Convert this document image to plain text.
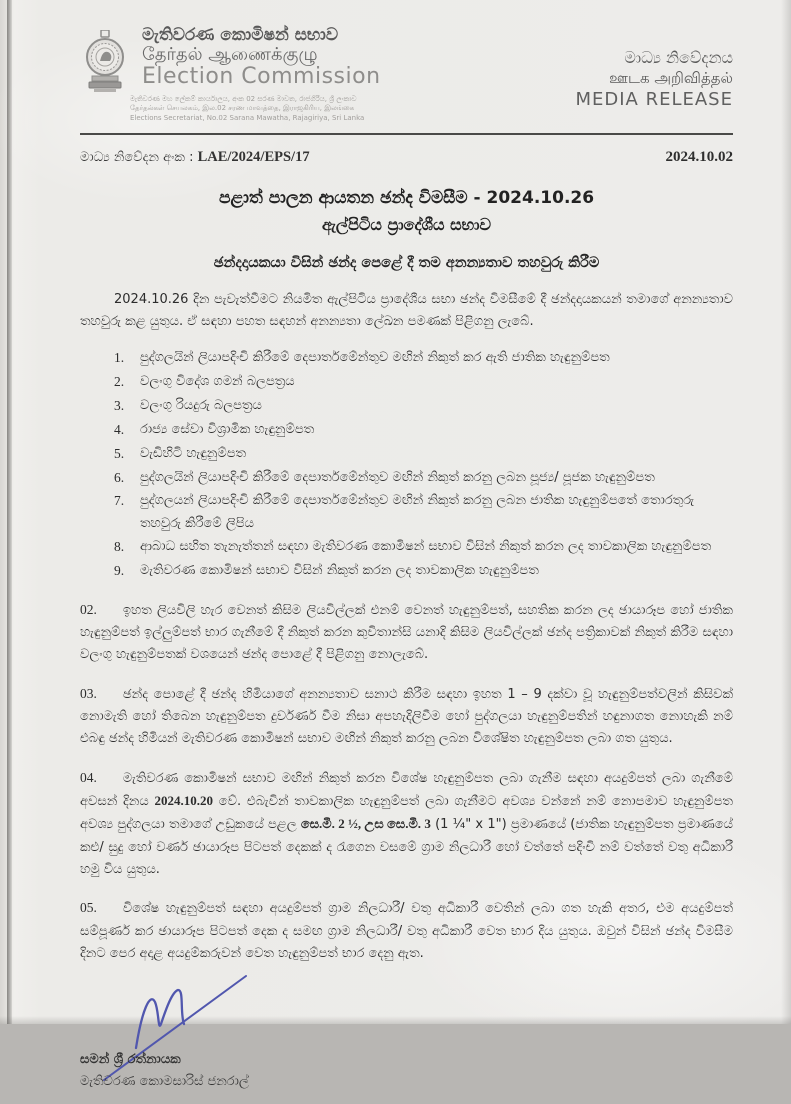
මැතිවරණ කොමිෂන් සභාව
தேர்தல் ஆணைக்குழு
Election Commission
මැතිවරණ මහ ලේකම් කාර්යාලය, අංක 02 සරණ මාවත, රාජගිරිය, ශ්‍රී ලංකාව
தேர்தல்கள் செயலகம், இல.02 சரண மாவத்தை, இராஜகிரிய, இலங்கை
Elections Secretariat, No.02 Sarana Mawatha, Rajagiriya, Sri Lanka
මාධ්‍ය නිවේදනය
ஊடக அறிவித்தல்
MEDIA RELEASE
මාධ්‍ය නිවේදන අංක : LAE/2024/EPS/17	2024.10.02
පළාත් පාලන ආයතන ඡන්ද විමසීම - 2024.10.26
ඇල්පිටිය ප්‍රාදේශීය සභාව
ඡන්දදායකයා විසින් ඡන්ද පෙළේ දී තම අනන්‍යතාව තහවුරු කිරීම

2024.10.26 දින පැවැත්වීමට නියමිත ඇල්පිටිය ප්‍රාදේශීය සභා ඡන්ද විමසීමේ දී ඡන්දදායකයන් තමාගේ අනන්‍යතාව තහවුරු කළ යුතුය. ඒ සඳහා පහත සඳහන් අනන්‍යතා ලේඛන පමණක් පිළිගනු ලැබේ.

1.	පුද්ගලයින් ලියාපදිංචි කිරීමේ දෙපාර්තමේන්තුව මඟින් නිකුත් කර ඇති ජාතික හැඳුනුම්පත
2.	වලංගු විදේශ ගමන් බලපත්‍රය
3.	වලංගු රියදුරු බලපත්‍රය
4.	රාජ්‍ය සේවා විශ්‍රාමික හැඳුනුම්පත
5.	වැඩිහිටි හැඳුනුම්පත
6.	පුද්ගලයින් ලියාපදිංචි කිරීමේ දෙපාර්තමේන්තුව මඟින් නිකුත් කරනු ලබන පූජ්‍ය/ පූජක හැඳුනුම්පත
7.	පුද්ගලයන් ලියාපදිංචි කිරීමේ දෙපාර්තමේන්තුව මඟින් නිකුත් කරනු ලබන ජාතික හැඳුනුම්පතේ තොරතුරු තහවුරු කිරීමේ ලිපිය
8.	ආබාධ සහිත තැනැත්තන් සඳහා මැතිවරණ කොමිෂන් සභාව විසින් නිකුත් කරන ලද තාවකාලික හැඳුනුම්පත
9.	මැතිවරණ කොමිෂන් සභාව විසින් නිකුත් කරන ලද තාවකාලික හැඳුනුම්පත

02. ඉහත ලියවිලි හැර වෙනත් කිසිම ලියවිල්ලක් එනම් වෙනත් හැඳුනුම්පත්, සහතික කරන ලද ඡායාරූප හෝ ජාතික හැඳුනුම්පත් ඉල්ලුම්පත් භාර ගැනීමේ දී නිකුත් කරන කුවිතාන්සි යනාදි කිසිම ලියවිල්ලක් ඡන්ද පත්‍රිකාවක් නිකුත් කිරීම සඳහා වලංගු හැඳුනුම්පතක් වශයෙන් ඡන්ද පොළේ දී පිළිගනු නොලැබේ.

03. ඡන්ද පොළේ දී ඡන්ද හිමියාගේ අනන්‍යතාව සනාථ කිරීම සඳහා ඉහත 1 – 9 දක්වා වූ හැඳුනුම්පත්වලින් කිසිවක් නොමැති හෝ තිබෙන හැඳුනුම්පත දුර්වර්ණ වීම නිසා අපහැදිලිවීම හෝ පුද්ගලයා හැඳුනුම්පතින් හඳුනාගත නොහැකි නම් එබඳු ඡන්ද හිමියන් මැතිවරණ කොමිෂන් සභාව මඟින් නිකුත් කරනු ලබන විශේෂිත හැඳුනුම්පත ලබා ගත යුතුය.

04. මැතිවරණ කොමිෂන් සභාව මඟින් නිකුත් කරන විශේෂ හැඳුනුම්පත ලබා ගැනීම සඳහා අයදුම්පත් ලබා ගැනීමේ අවසන් දිනය 2024.10.20 වේ. එබැවින් තාවකාලික හැඳුනුම්පත් ලබා ගැනීමට අවශ්‍ය වන්නේ නම් නොපමාව හැඳුනුම්පත අවශ්‍ය පුද්ගලයා තමාගේ උඩුකයේ පළල සෙ.මී. 2 ½, උස සෙ.මී. 3 (1 ¼" x 1") ප්‍රමාණයේ (ජාතික හැඳුනුම්පත ප්‍රමාණයේ කළු/ සුදු හෝ වර්ණ ඡායාරූප පිටපත් දෙකක් ද රැගෙන වසමේ ග්‍රාම නිලධාරී හෝ වත්තේ පදිංචි නම් වත්තේ වතු අධිකාරී හමු විය යුතුය.

05. විශේෂ හැඳුනුම්පත් සඳහා අයදුම්පත් ග්‍රාම නිලධාරී/ වතු අධිකාරී වෙතින් ලබා ගත හැකි අතර, එම අයදුම්පත් සම්පූර්ණ කර ඡායාරූප පිටපත් දෙක ද සමඟ ග්‍රාම නිලධාරී/ වතු අධිකාරී වෙත භාර දිය යුතුය. ඔවුන් විසින් ඡන්ද විමසීම දිනට පෙර අදාළ අයදුම්කරුවන් වෙත හැඳුනුම්පත් භාර දෙනු ඇත.

සමන් ශ්‍රී රත්නායක
මැතිවරණ කොමසාරිස් ජනරාල්
